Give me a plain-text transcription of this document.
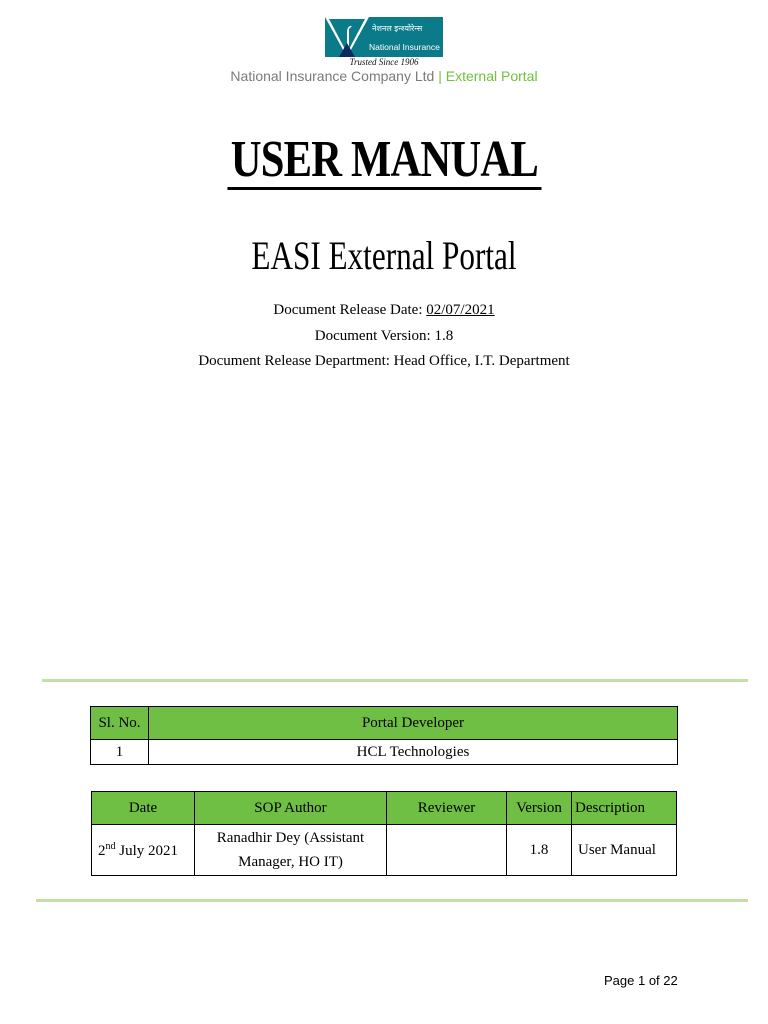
नेशनल इन्श्योरेन्स
National Insurance
Trusted Since 1906
National Insurance Company Ltd | External Portal
USER MANUAL
EASI External Portal
Document Release Date: 02/07/2021
Document Version: 1.8
Document Release Department: Head Office, I.T. Department
Sl. No.	Portal Developer
1	HCL Technologies
Date	SOP Author	Reviewer	Version	Description
2nd July 2021	Ranadhir Dey (Assistant
Manager, HO IT)		1.8	User Manual
Page 1 of 22
